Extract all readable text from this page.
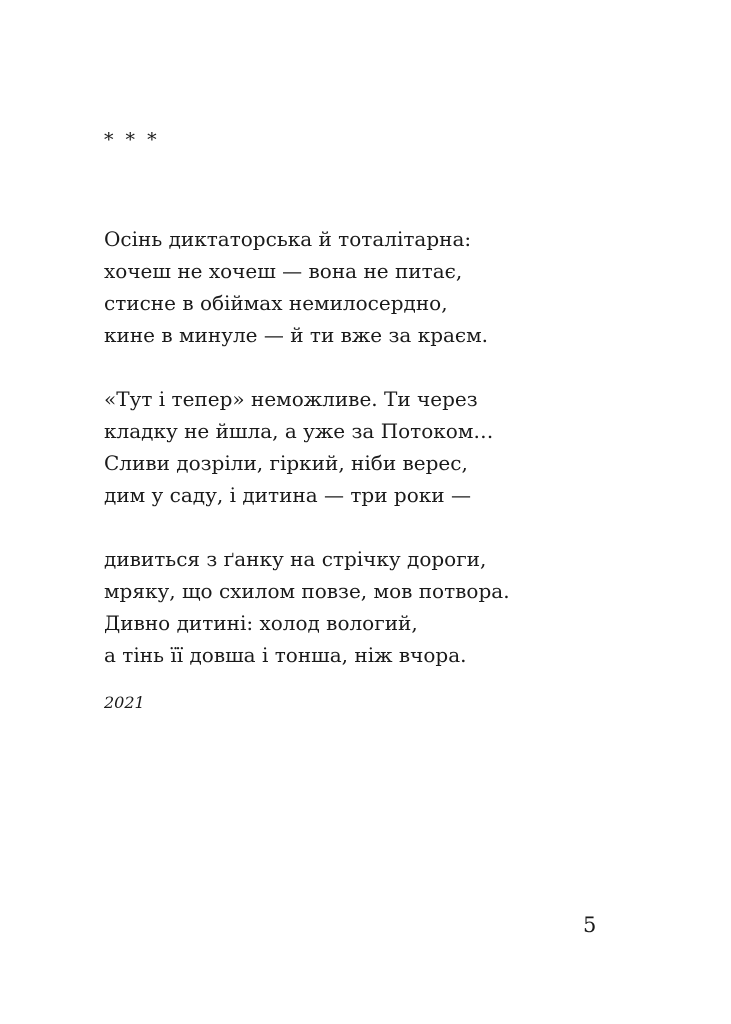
* * *
Осінь диктаторська й тоталітарна:
хочеш не хочеш — вона не питає,
стисне в обіймах немилосердно,
кине в минуле — й ти вже за краєм.
«Тут і тепер» неможливе. Ти через
кладку не йшла, а уже за Потоком…
Сливи дозріли, гіркий, ніби верес,
дим у саду, і дитина — три роки —
дивиться з ґанку на стрічку дороги,
мряку, що схилом повзе, мов потвора.
Дивно дитині: холод вологий,
а тінь її довша і тонша, ніж вчора.
2021
5
